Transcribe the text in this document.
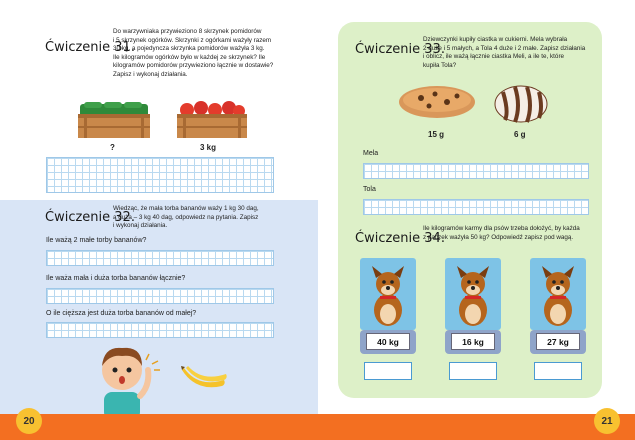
Ćwiczenie 31.
Do warzywniaka przywieziono 8 skrzynek pomidorów
i 5 skrzynek ogórków. Skrzynki z ogórkami ważyły razem
30 kg, a pojedyncza skrzynka pomidorów ważyła 3 kg.
Ile kilogramów ogórków było w każdej ze skrzynek? Ile
kilogramów pomidorów przywieziono łącznie w dostawie?
Zapisz i wykonaj działania.
?	3 kg
Ćwiczenie 32.
Wiedząc, że mała torba bananów waży 1 kg 30 dag,
a duża – 3 kg 40 dag, odpowiedz na pytania. Zapisz
i wykonaj działania.
Ile ważą 2 małe torby bananów?
Ile waża mała i duża torba bananów łącznie?
O ile cięższa jest duża torba bananów od małej?
20
Ćwiczenie 33.
Dziewczynki kupiły ciastka w cukierni. Mela wybrała
2 duże i 5 małych, a Tola 4 duże i 2 małe. Zapisz działania
i oblicz, ile ważą łącznie ciastka Meli, a ile te, które
kupiła Tola?
15 g	6 g
Mela
Tola
Ćwiczenie 34.
Ile kilogramów karmy dla psów trzeba dołożyć, by każda
z paczek ważyła 50 kg? Odpowiedź zapisz pod wagą.
40 kg	16 kg	27 kg
21
